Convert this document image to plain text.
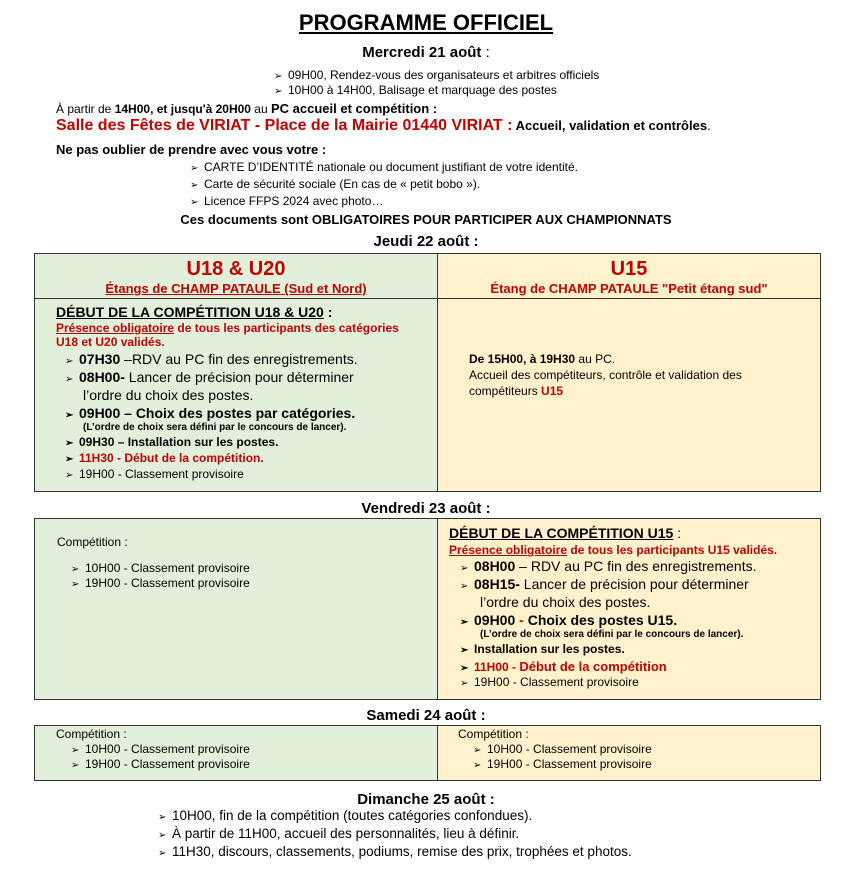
PROGRAMME OFFICIEL
Mercredi 21 août :
➢ 09H00, Rendez-vous des organisateurs et arbitres officiels
➢ 10H00 à 14H00, Balisage et marquage des postes
À partir de 14H00, et jusqu'à 20H00 au PC accueil et compétition :
Salle des Fêtes de VIRIAT - Place de la Mairie 01440 VIRIAT : Accueil, validation et contrôles.
Ne pas oublier de prendre avec vous votre :
➢ CARTE D’IDENTITÉ nationale ou document justifiant de votre identité.
➢ Carte de sécurité sociale (En cas de « petit bobo »).
➢ Licence FFPS 2024 avec photo…
Ces documents sont OBLIGATOIRES POUR PARTICIPER AUX CHAMPIONNATS
Jeudi 22 août :
U18 & U20
Étangs de CHAMP PATAULE (Sud et Nord)
U15
Étang de CHAMP PATAULE "Petit étang sud"
DÉBUT DE LA COMPÉTITION U18 & U20 :
Présence obligatoire de tous les participants des catégories
U18 et U20 validés.
➢ 07H30 –RDV au PC fin des enregistrements.
➢ 08H00- Lancer de précision pour déterminer
l’ordre du choix des postes.
➢ 09H00 – Choix des postes par catégories.
(L’ordre de choix sera défini par le concours de lancer).
➢ 09H30 – Installation sur les postes.
➢ 11H30 - Début de la compétition.
➢ 19H00 - Classement provisoire
De 15H00, à 19H30 au PC.
Accueil des compétiteurs, contrôle et validation des
compétiteurs U15
Vendredi 23 août :
Compétition :
➢ 10H00 - Classement provisoire
➢ 19H00 - Classement provisoire
DÉBUT DE LA COMPÉTITION U15 :
Présence obligatoire de tous les participants U15 validés.
➢ 08H00 – RDV au PC fin des enregistrements.
➢ 08H15- Lancer de précision pour déterminer
l’ordre du choix des postes.
➢ 09H00 - Choix des postes U15.
(L’ordre de choix sera défini par le concours de lancer).
➢ Installation sur les postes.
➢ 11H00 - Début de la compétition
➢ 19H00 - Classement provisoire
Samedi 24 août :
Compétition :
➢ 10H00 - Classement provisoire
➢ 19H00 - Classement provisoire
Compétition :
➢ 10H00 - Classement provisoire
➢ 19H00 - Classement provisoire
Dimanche 25 août :
➢ 10H00, fin de la compétition (toutes catégories confondues).
➢ À partir de 11H00, accueil des personnalités, lieu à définir.
➢ 11H30, discours, classements, podiums, remise des prix, trophées et photos.
